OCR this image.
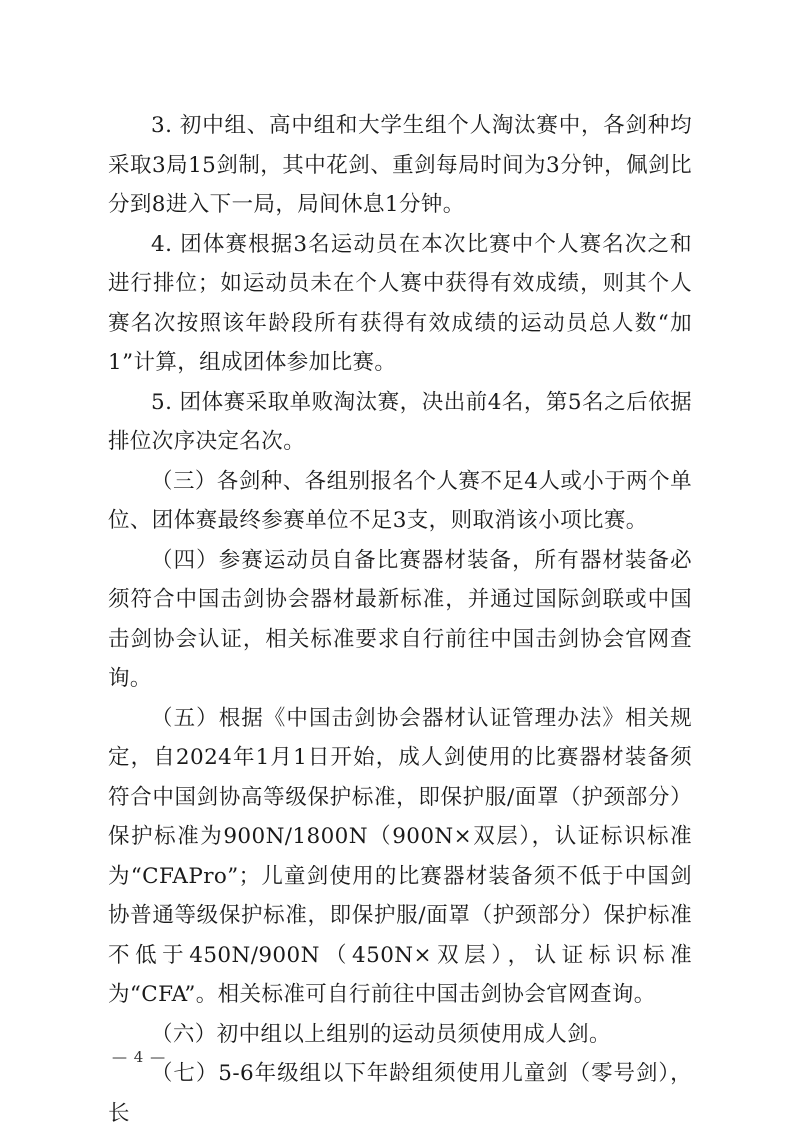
3. 初中组、高中组和大学生组个人淘汰赛中，各剑种均采取3局15剑制，其中花剑、重剑每局时间为3分钟，佩剑比分到8进入下一局，局间休息1分钟。

4. 团体赛根据3名运动员在本次比赛中个人赛名次之和进行排位；如运动员未在个人赛中获得有效成绩，则其个人赛名次按照该年龄段所有获得有效成绩的运动员总人数“加1”计算，组成团体参加比赛。

5. 团体赛采取单败淘汰赛，决出前4名，第5名之后依据排位次序决定名次。

（三）各剑种、各组别报名个人赛不足4人或小于两个单位、团体赛最终参赛单位不足3支，则取消该小项比赛。

（四）参赛运动员自备比赛器材装备，所有器材装备必须符合中国击剑协会器材最新标准，并通过国际剑联或中国击剑协会认证，相关标准要求自行前往中国击剑协会官网查询。

（五）根据《中国击剑协会器材认证管理办法》相关规定，自2024年1月1日开始，成人剑使用的比赛器材装备须符合中国剑协高等级保护标准，即保护服/面罩（护颈部分）保护标准为900N/1800N（900N×双层），认证标识标准为“CFAPro”；儿童剑使用的比赛器材装备须不低于中国剑协普通等级保护标准，即保护服/面罩（护颈部分）保护标准不低于450N/900N（450N×双层），认证标识标准为“CFA”。相关标准可自行前往中国击剑协会官网查询。

（六）初中组以上组别的运动员须使用成人剑。

（七）5-6年级组以下年龄组须使用儿童剑（零号剑），长

— 4 —
